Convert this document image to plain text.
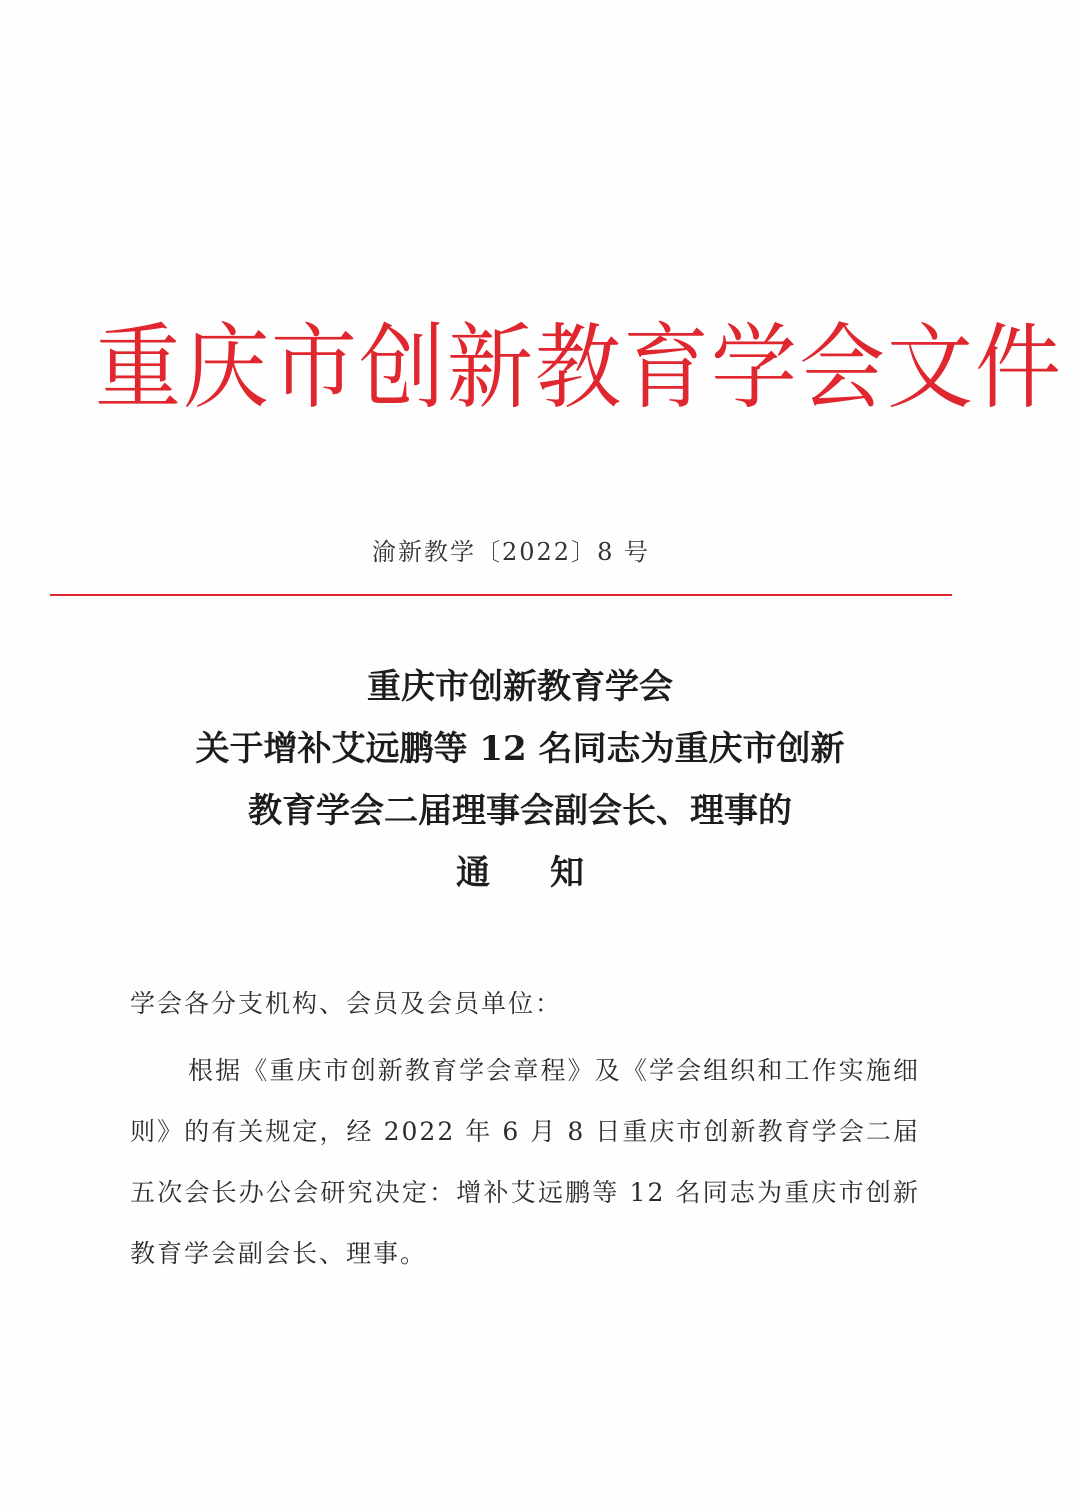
重庆市创新教育学会文件
渝新教学〔2022〕8 号
重庆市创新教育学会
关于增补艾远鹏等 12 名同志为重庆市创新
教育学会二届理事会副会长、理事的
通知
学会各分支机构、会员及会员单位：

根据《重庆市创新教育学会章程》及《学会组织和工作实施细则》的有关规定，经 2022 年 6 月 8 日重庆市创新教育学会二届五次会长办公会研究决定：增补艾远鹏等 12 名同志为重庆市创新教育学会副会长、理事。
